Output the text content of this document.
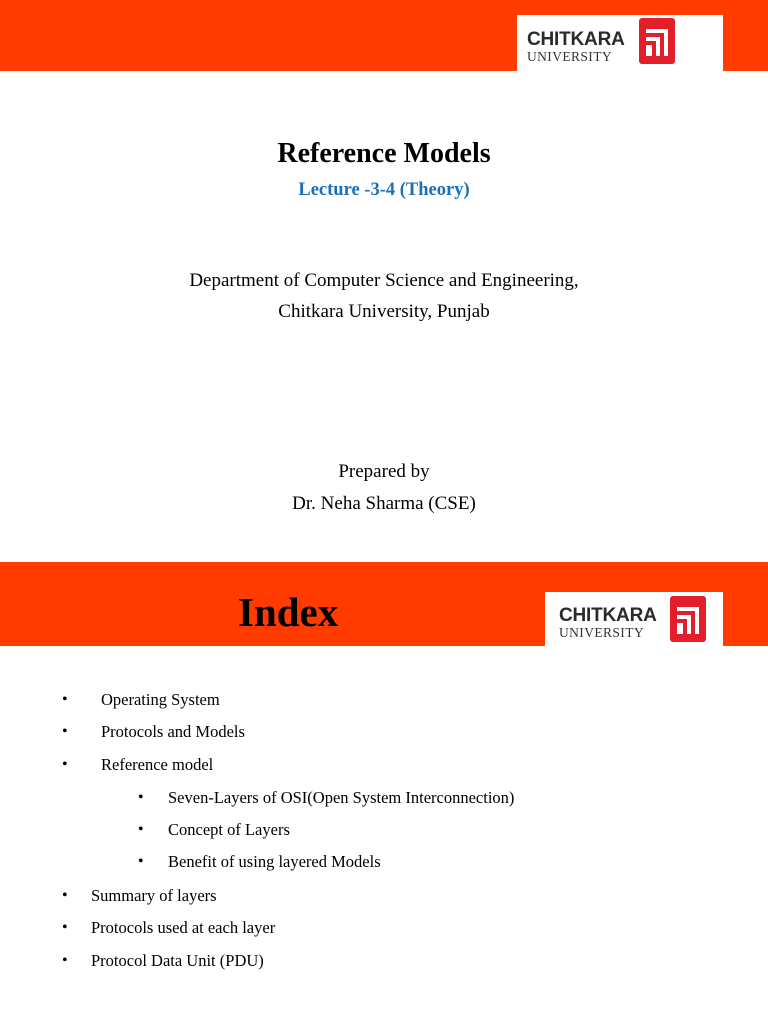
CHITKARA
UNIVERSITY
Reference Models
Lecture -3-4 (Theory)
Department of Computer Science and Engineering,
Chitkara University, Punjab
Prepared by
Dr. Neha Sharma (CSE)
CHITKARA
UNIVERSITY
Index
• Operating System
• Protocols and Models
• Reference model
• Seven-Layers of OSI(Open System Interconnection)
• Concept of Layers
• Benefit of using layered Models
• Summary of layers
• Protocols used at each layer
• Protocol Data Unit (PDU)
